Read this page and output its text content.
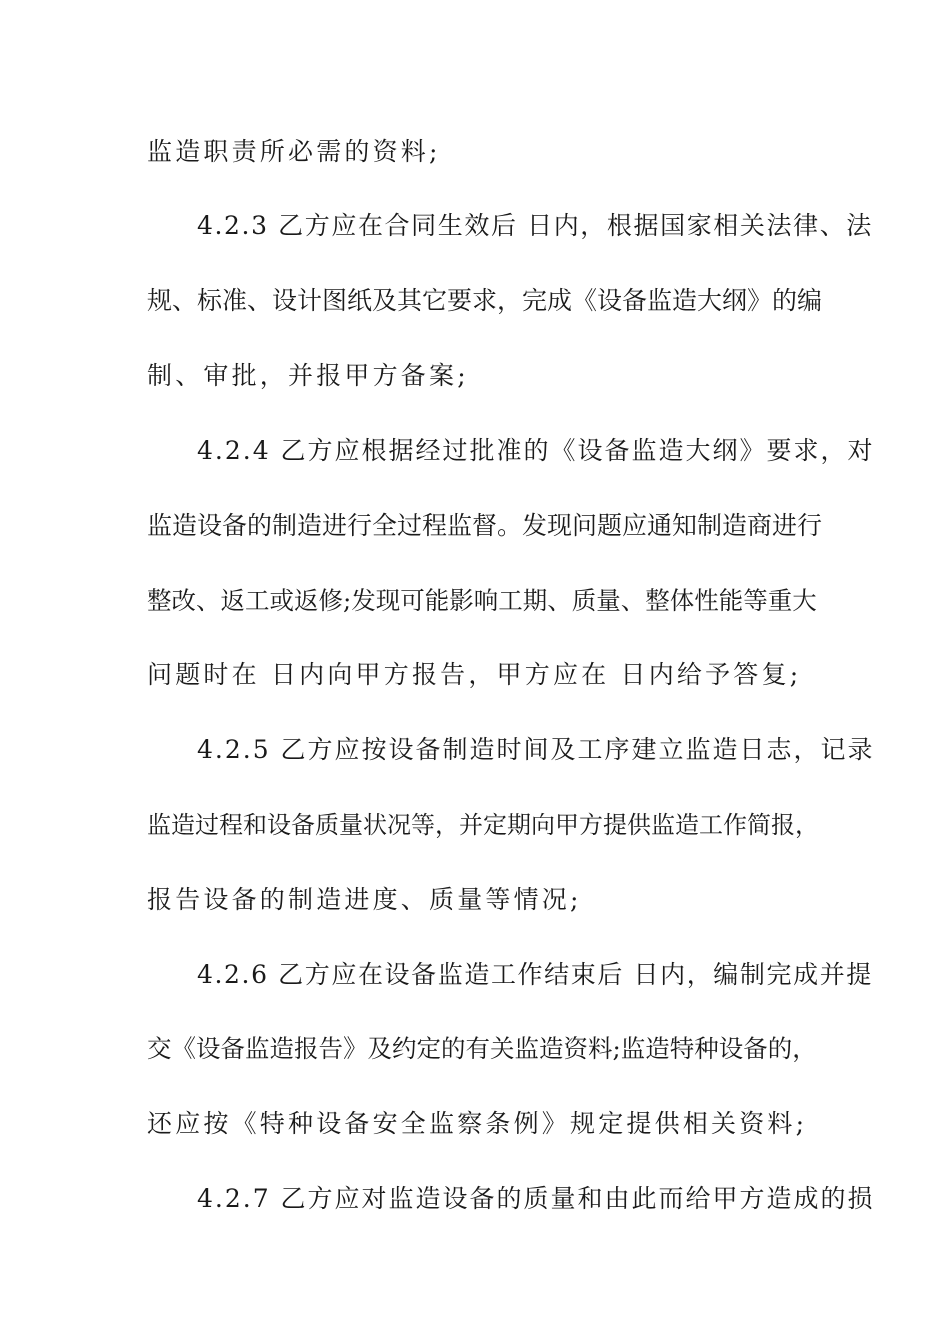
监造职责所必需的资料;
4.2.3 乙方应在合同生效后 日内，根据国家相关法律、法
规、标准、设计图纸及其它要求，完成《设备监造大纲》的编
制、审批，并报甲方备案;
4.2.4 乙方应根据经过批准的《设备监造大纲》要求，对
监造设备的制造进行全过程监督。发现问题应通知制造商进行
整改、返工或返修;发现可能影响工期、质量、整体性能等重大
问题时在 日内向甲方报告，甲方应在 日内给予答复;
4.2.5 乙方应按设备制造时间及工序建立监造日志，记录
监造过程和设备质量状况等，并定期向甲方提供监造工作简报，
报告设备的制造进度、质量等情况;
4.2.6 乙方应在设备监造工作结束后 日内，编制完成并提
交《设备监造报告》及约定的有关监造资料;监造特种设备的，
还应按《特种设备安全监察条例》规定提供相关资料;
4.2.7 乙方应对监造设备的质量和由此而给甲方造成的损
